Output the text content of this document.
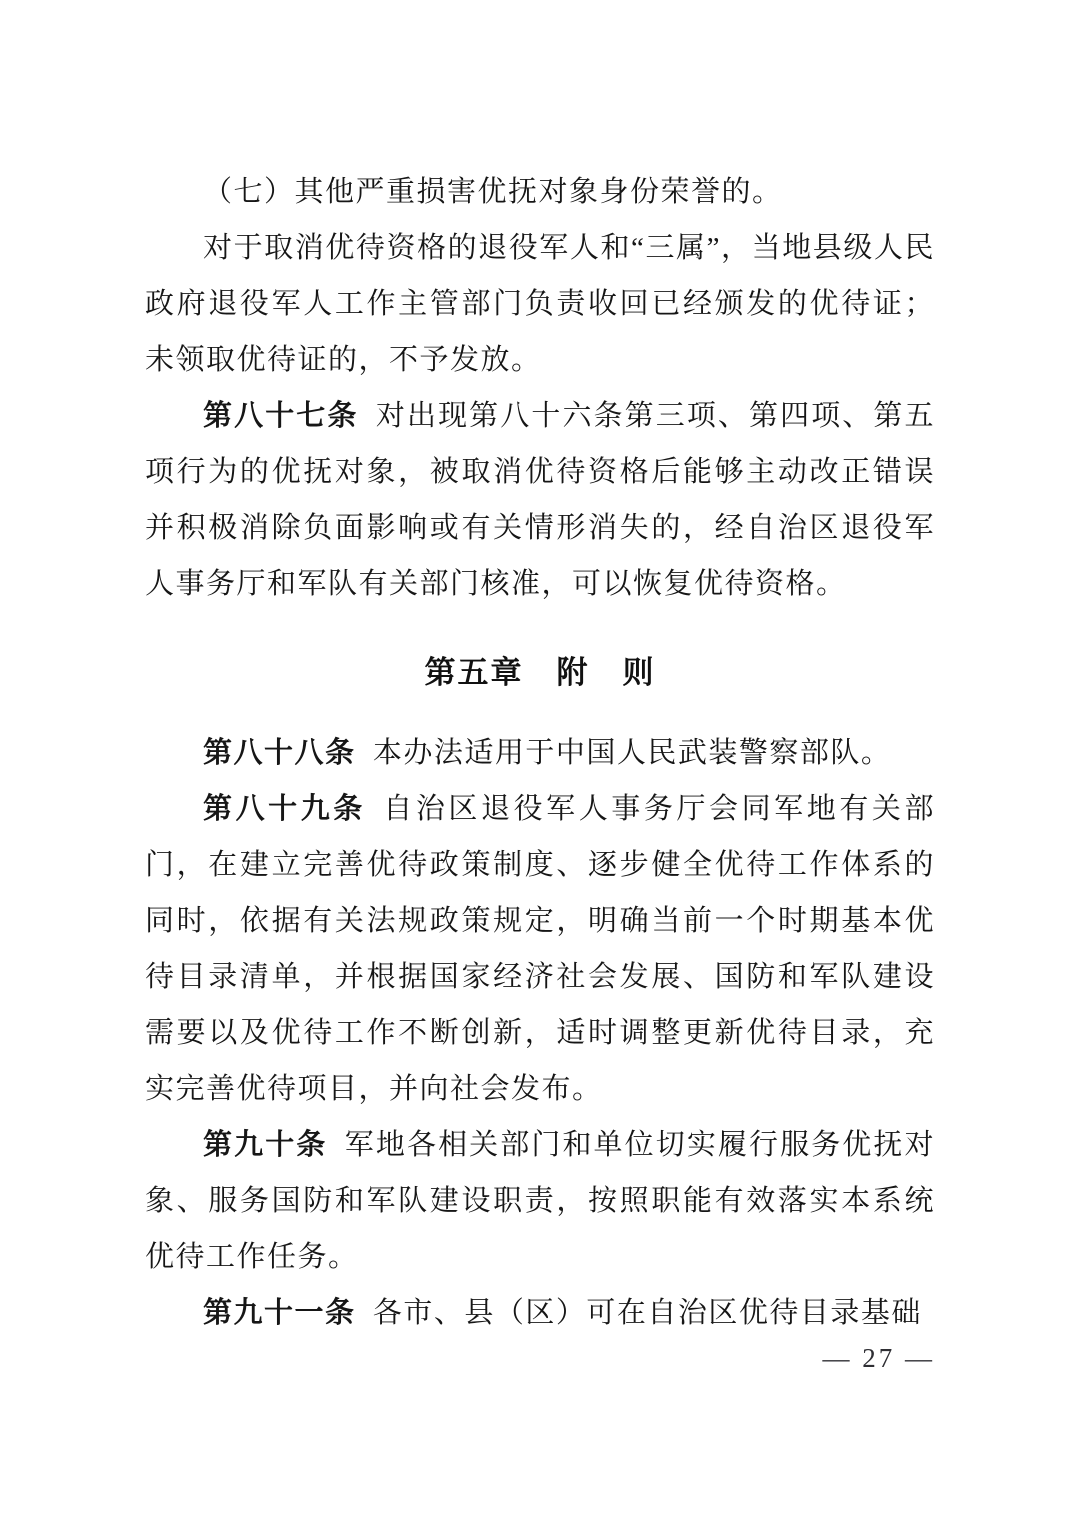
（七）其他严重损害优抚对象身份荣誉的。

对于取消优待资格的退役军人和“三属”，当地县级人民政府退役军人工作主管部门负责收回已经颁发的优待证；未领取优待证的，不予发放。

第八十七条 对出现第八十六条第三项、第四项、第五项行为的优抚对象，被取消优待资格后能够主动改正错误并积极消除负面影响或有关情形消失的，经自治区退役军人事务厅和军队有关部门核准，可以恢复优待资格。

第五章　附　则

第八十八条 本办法适用于中国人民武装警察部队。

第八十九条 自治区退役军人事务厅会同军地有关部门，在建立完善优待政策制度、逐步健全优待工作体系的同时，依据有关法规政策规定，明确当前一个时期基本优待目录清单，并根据国家经济社会发展、国防和军队建设需要以及优待工作不断创新，适时调整更新优待目录，充实完善优待项目，并向社会发布。

第九十条 军地各相关部门和单位切实履行服务优抚对象、服务国防和军队建设职责，按照职能有效落实本系统优待工作任务。

第九十一条 各市、县（区）可在自治区优待目录基础

— 27 —
